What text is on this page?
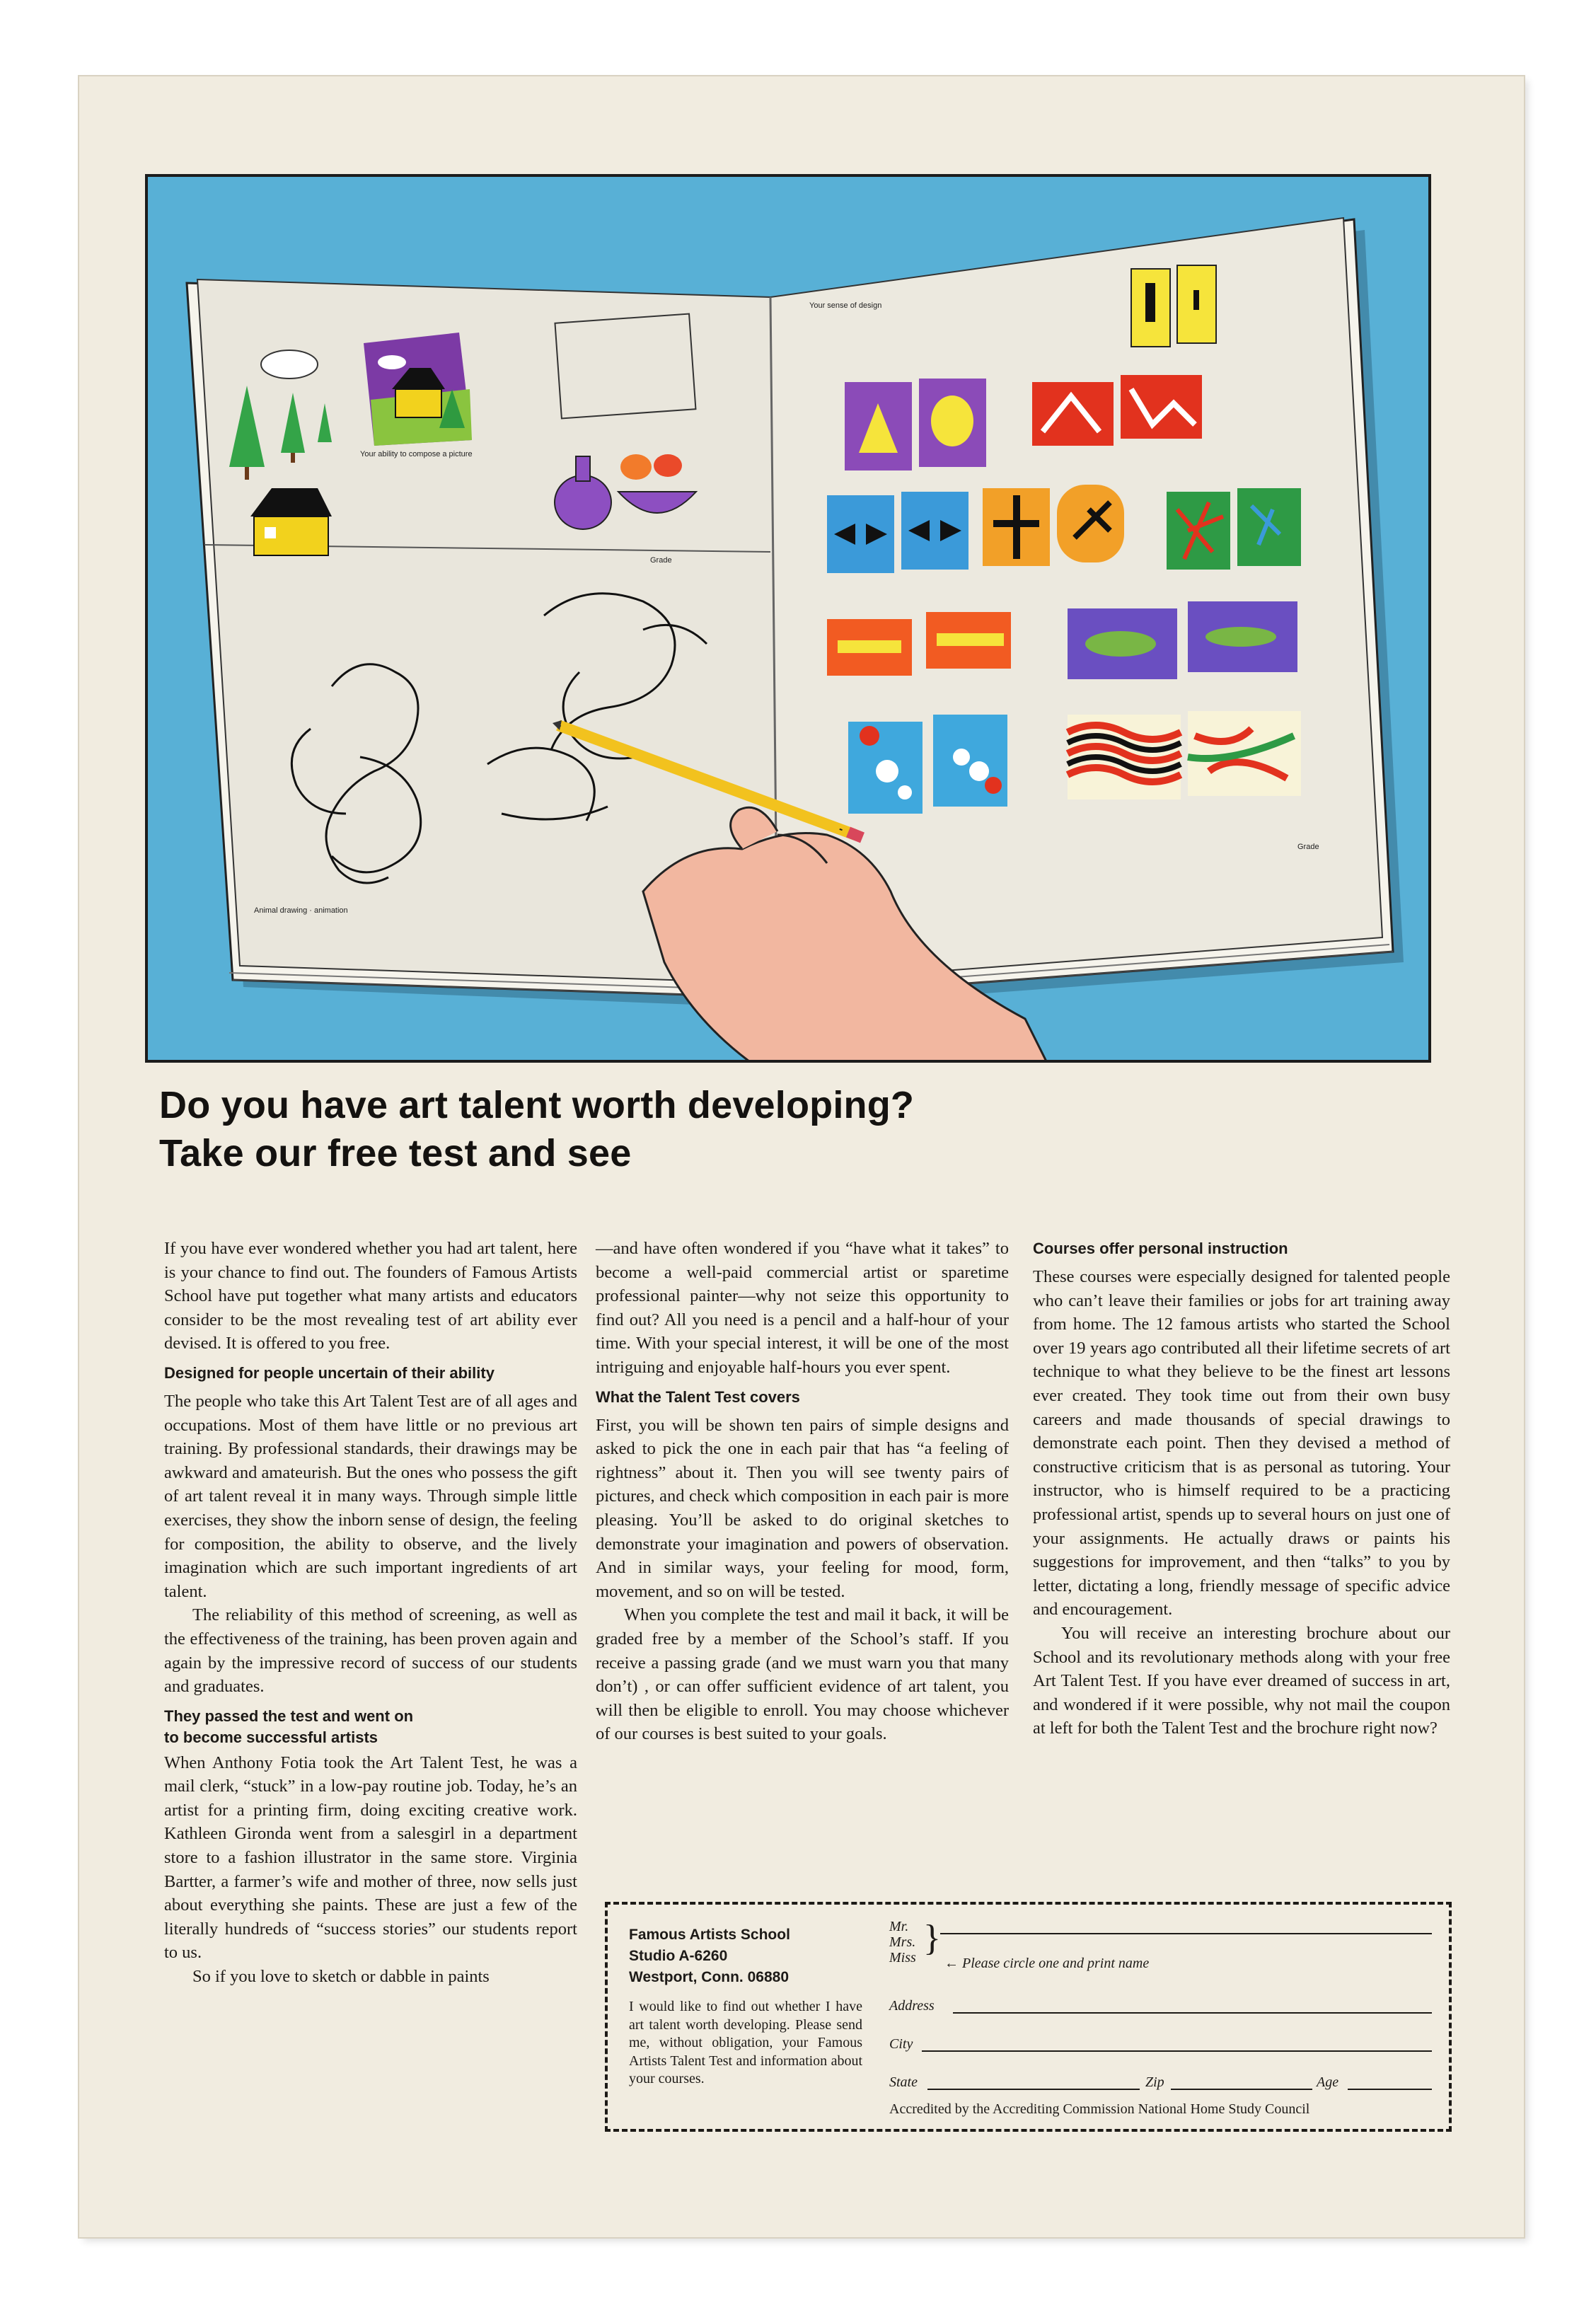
Your ability to compose a picture
Grade
Animal drawing · animation
Your sense of design
Grade
Do you have art talent worth developing?
Take our free test and see

If you have ever wondered whether you had art talent, here is your chance to find out. The founders of Famous Artists School have put together what many artists and educators consider to be the most revealing test of art ability ever devised. It is offered to you free.

Designed for people uncertain of their ability

The people who take this Art Talent Test are of all ages and occupations. Most of them have little or no previous art training. By professional standards, their drawings may be awkward and amateurish. But the ones who possess the gift of art talent reveal it in many ways. Through simple little exercises, they show the inborn sense of design, the feeling for composition, the ability to observe, and the lively imagination which are such important ingredients of art talent.

The reliability of this method of screening, as well as the effectiveness of the training, has been proven again and again by the impressive record of success of our students and graduates.

They passed the test and went on
to become successful artists

When Anthony Fotia took the Art Talent Test, he was a mail clerk, “stuck” in a low-pay routine job. Today, he’s an artist for a printing firm, doing exciting creative work. Kathleen Gironda went from a salesgirl in a department store to a fashion illustrator in the same store. Virginia Bartter, a farmer’s wife and mother of three, now sells just about everything she paints. These are just a few of the literally hundreds of “success stories” our students report to us.

So if you love to sketch or dabble in paints

—and have often wondered if you “have what it takes” to become a well-paid commercial artist or sparetime professional painter—why not seize this opportunity to find out? All you need is a pencil and a half-hour of your time. With your special interest, it will be one of the most intriguing and enjoyable half-hours you ever spent.

What the Talent Test covers

First, you will be shown ten pairs of simple designs and asked to pick the one in each pair that has “a feeling of rightness” about it. Then you will see twenty pairs of pictures, and check which composition in each pair is more pleasing. You’ll be asked to do original sketches to demonstrate your imagination and powers of observation. And in similar ways, your feeling for mood, form, movement, and so on will be tested.

When you complete the test and mail it back, it will be graded free by a member of the School’s staff. If you receive a passing grade (and we must warn you that many don’t) , or can offer sufficient evidence of art talent, you will then be eligible to enroll. You may choose whichever of our courses is best suited to your goals.

Courses offer personal instruction

These courses were especially designed for talented people who can’t leave their families or jobs for art training away from home. The 12 famous artists who started the School over 19 years ago contributed all their lifetime secrets of art technique to what they believe to be the finest art lessons ever created. They took time out from their own busy careers and made thousands of special drawings to demonstrate each point. Then they devised a method of constructive criticism that is as personal as tutoring. Your instructor, who is himself required to be a practicing professional artist, spends up to several hours on just one of your assignments. He actually draws or paints his suggestions for improvement, and then “talks” to you by letter, dictating a long, friendly message of specific advice and encouragement.

You will receive an interesting brochure about our School and its revolutionary methods along with your free Art Talent Test. If you have ever dreamed of success in art, and wondered if it were possible, why not mail the coupon at left for both the Talent Test and the brochure right now?

Famous Artists School
Studio A-6260
Westport, Conn. 06880
I would like to find out whether I have art talent worth developing. Please send me, without obligation, your Famous Artists Talent Test and information about your courses.
Mr.
Mrs.
Miss }
← Please circle one and print name
Address
City
State	Zip	Age
Accredited by the Accrediting Commission National Home Study Council
